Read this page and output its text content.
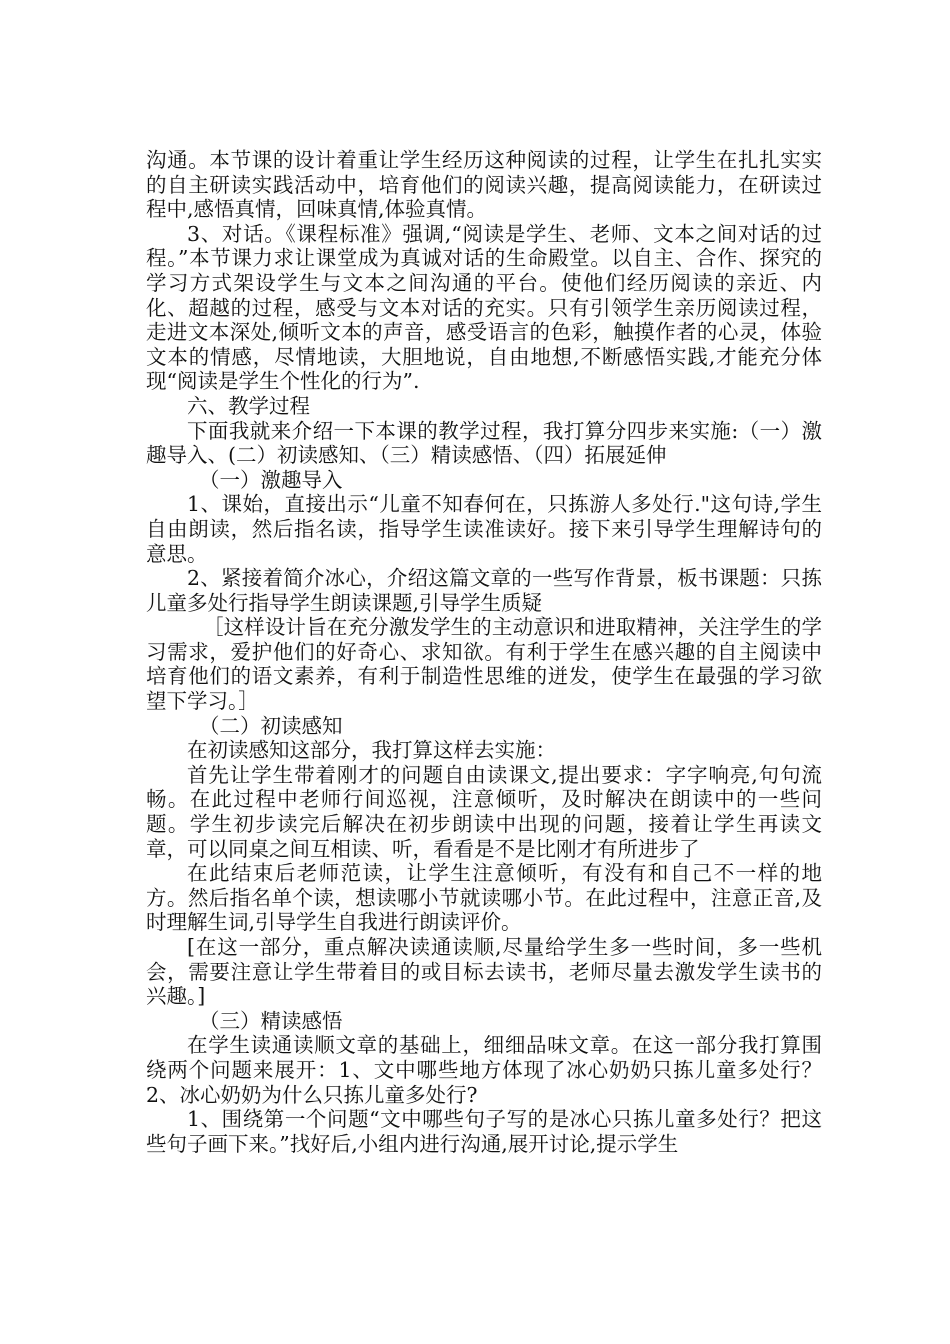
沟通。本节课的设计着重让学生经历这种阅读的过程，让学生在扎扎实实的自主研读实践活动中，培育他们的阅读兴趣，提高阅读能力，在研读过程中,感悟真情，回味真情,体验真情。

3、对话。《课程标准》强调,“阅读是学生、老师、文本之间对话的过程。”本节课力求让课堂成为真诚对话的生命殿堂。以自主、合作、探究的学习方式架设学生与文本之间沟通的平台。使他们经历阅读的亲近、内化、超越的过程，感受与文本对话的充实。只有引领学生亲历阅读过程，走进文本深处,倾听文本的声音，感受语言的色彩，触摸作者的心灵，体验文本的情感，尽情地读，大胆地说，自由地想,不断感悟实践,才能充分体现“阅读是学生个性化的行为”.

六、教学过程

下面我就来介绍一下本课的教学过程，我打算分四步来实施:（一）激趣导入、(二）初读感知、（三）精读感悟、（四）拓展延伸

（一）激趣导入

1、课始，直接出示“儿童不知春何在，只拣游人多处行."这句诗,学生自由朗读，然后指名读，指导学生读准读好。接下来引导学生理解诗句的意思。

2、紧接着简介冰心，介绍这篇文章的一些写作背景，板书课题：只拣儿童多处行指导学生朗读课题,引导学生质疑

［这样设计旨在充分激发学生的主动意识和进取精神，关注学生的学习需求，爱护他们的好奇心、求知欲。有利于学生在感兴趣的自主阅读中培育他们的语文素养，有利于制造性思维的迸发，使学生在最强的学习欲望下学习。］

（二）初读感知

在初读感知这部分，我打算这样去实施：

首先让学生带着刚才的问题自由读课文,提出要求：字字响亮,句句流畅。在此过程中老师行间巡视，注意倾听，及时解决在朗读中的一些问题。学生初步读完后解决在初步朗读中出现的问题，接着让学生再读文章，可以同桌之间互相读、听，看看是不是比刚才有所进步了

在此结束后老师范读，让学生注意倾听，有没有和自己不一样的地方。然后指名单个读，想读哪小节就读哪小节。在此过程中，注意正音,及时理解生词,引导学生自我进行朗读评价。

[在这一部分，重点解决读通读顺,尽量给学生多一些时间，多一些机会，需要注意让学生带着目的或目标去读书，老师尽量去激发学生读书的兴趣。]

（三）精读感悟

在学生读通读顺文章的基础上，细细品味文章。在这一部分我打算围绕两个问题来展开：1、文中哪些地方体现了冰心奶奶只拣儿童多处行？2、冰心奶奶为什么只拣儿童多处行?

1、围绕第一个问题“文中哪些句子写的是冰心只拣儿童多处行？把这些句子画下来。”找好后,小组内进行沟通,展开讨论,提示学生
